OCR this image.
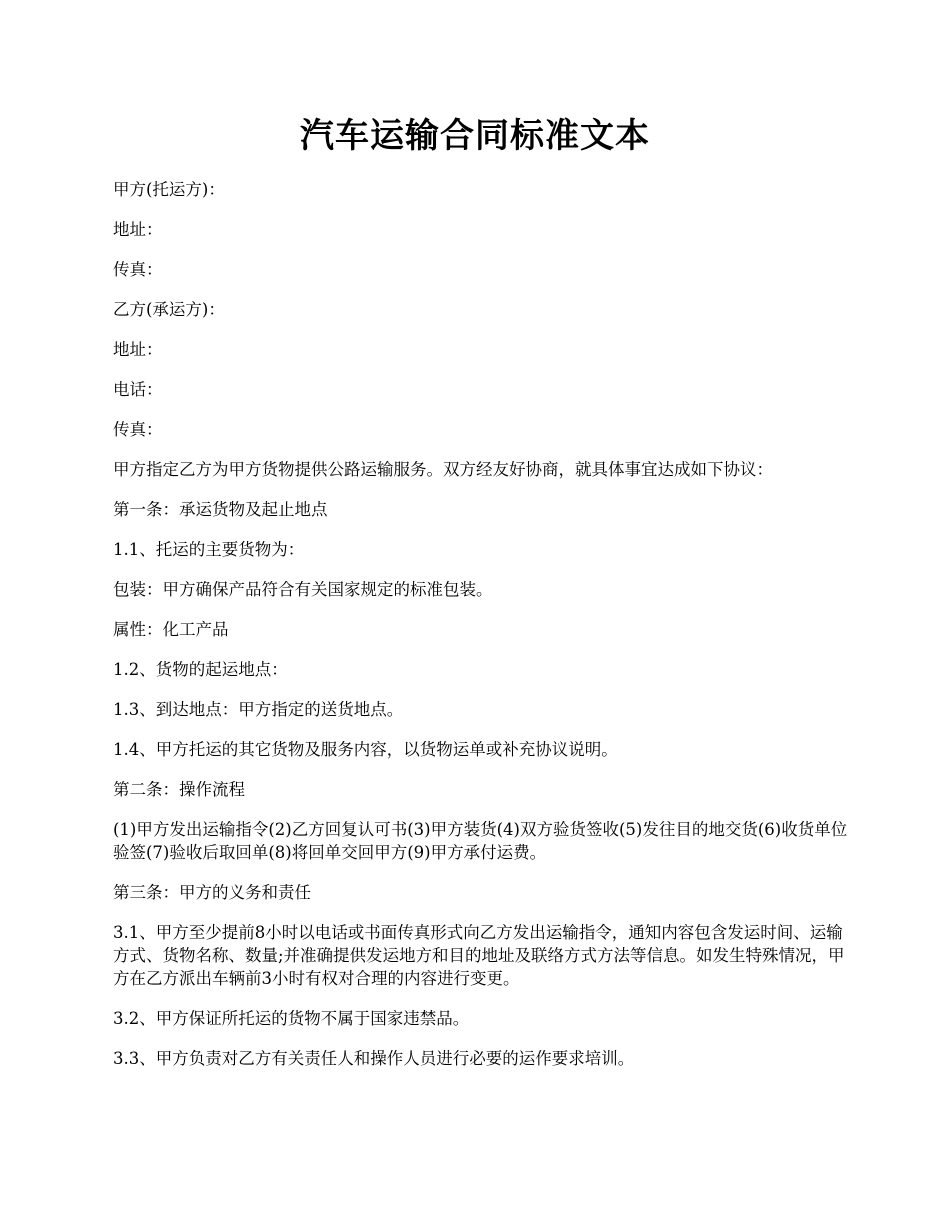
汽车运输合同标准文本

甲方(托运方)：

地址：

传真：

乙方(承运方)：

地址：

电话：

传真：

甲方指定乙方为甲方货物提供公路运输服务。双方经友好协商，就具体事宜达成如下协议：

第一条：承运货物及起止地点

1.1、托运的主要货物为：

包装：甲方确保产品符合有关国家规定的标准包装。

属性：化工产品

1.2、货物的起运地点：

1.3、到达地点：甲方指定的送货地点。

1.4、甲方托运的其它货物及服务内容，以货物运单或补充协议说明。

第二条：操作流程

(1)甲方发出运输指令(2)乙方回复认可书(3)甲方装货(4)双方验货签收(5)发往目的地交货(6)收货单位验签(7)验收后取回单(8)将回单交回甲方(9)甲方承付运费。

第三条：甲方的义务和责任

3.1、甲方至少提前8小时以电话或书面传真形式向乙方发出运输指令，通知内容包含发运时间、运输方式、货物名称、数量;并准确提供发运地方和目的地址及联络方式方法等信息。如发生特殊情况，甲方在乙方派出车辆前3小时有权对合理的内容进行变更。

3.2、甲方保证所托运的货物不属于国家违禁品。

3.3、甲方负责对乙方有关责任人和操作人员进行必要的运作要求培训。
